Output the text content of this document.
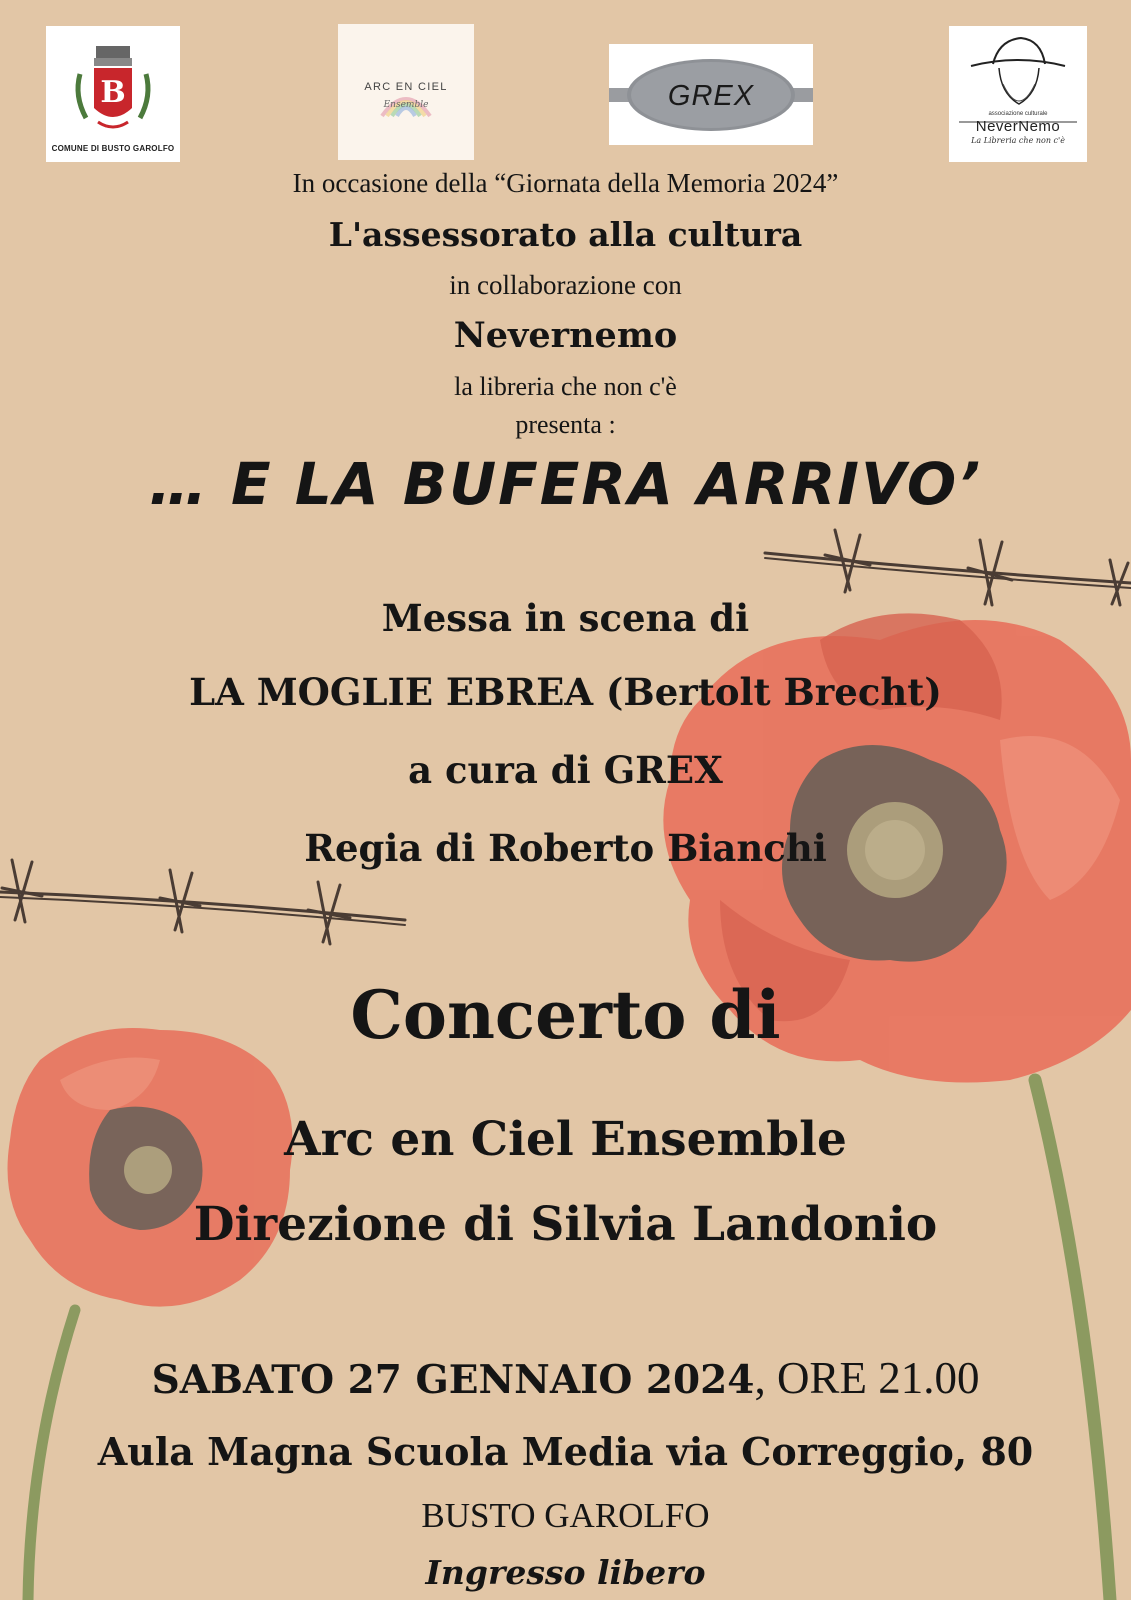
B
COMUNE DI BUSTO GAROLFO
ARC EN CIEL
Ensemble	GREX
associazione culturale
NeverNemo
La Libreria che non c'è

In occasione della “Giornata della Memoria 2024”

L'assessorato alla cultura

in collaborazione con

Nevernemo

la libreria che non c'è

presenta :

… E LA BUFERA ARRIVO’

Messa in scena di

LA MOGLIE EBREA (Bertolt Brecht)

a cura di GREX

Regia di Roberto Bianchi

Concerto di

Arc en Ciel Ensemble

Direzione di Silvia Landonio

SABATO 27 GENNAIO 2024, ORE 21.00

Aula Magna Scuola Media via Correggio, 80

BUSTO GAROLFO

Ingresso libero
